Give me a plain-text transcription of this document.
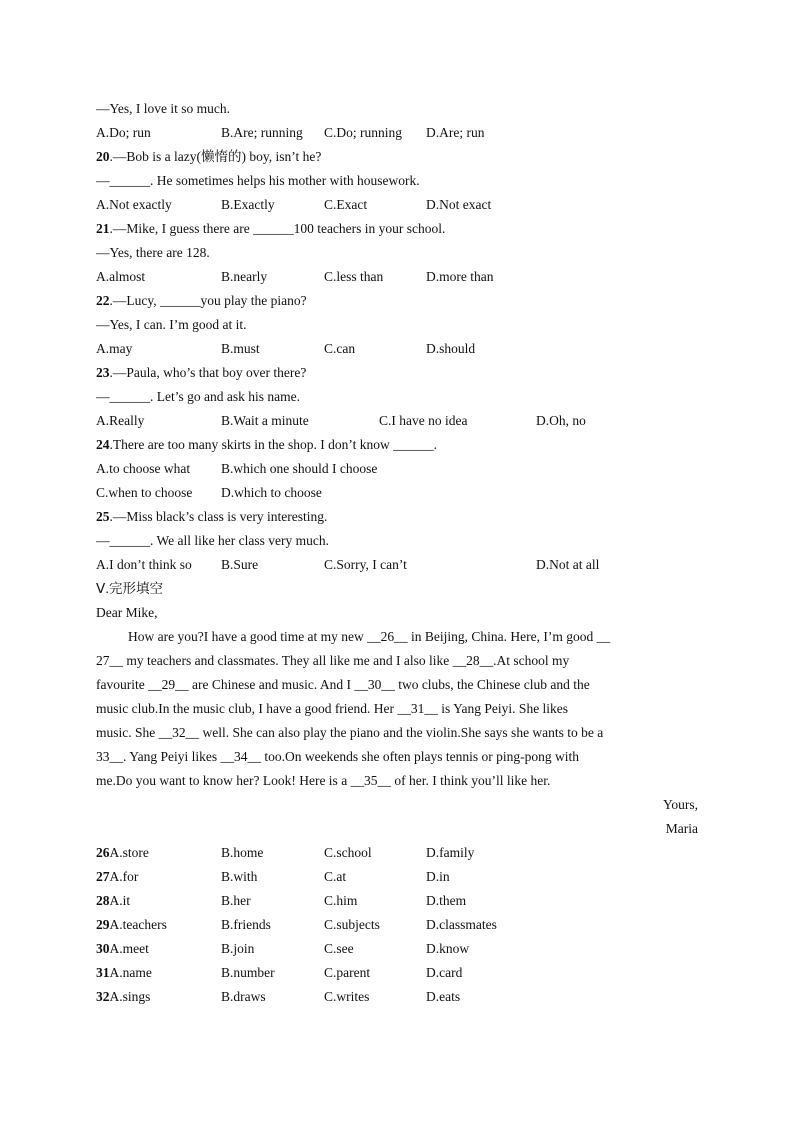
—Yes, I love it so much.
A.Do; run	B.Are; running C.Do; running D.Are; run
20.—Bob is a lazy(懒惰的) boy, isn’t he?
—______. He sometimes helps his mother with housework.
A.Not exactly	B.Exactly	C.Exact	D.Not exact
21.—Mike, I guess there are ______100 teachers in your school.
—Yes, there are 128.
A.almost	B.nearly	C.less than	D.more than
22.—Lucy, ______you play the piano?
—Yes, I can. I’m good at it.
A.may	B.must	C.can	D.should
23.—Paula, who’s that boy over there?
—______. Let’s go and ask his name.
A.Really	B.Wait a minute	C.I have no idea	D.Oh, no
24.There are too many skirts in the shop. I don’t know ______.
A.to choose what B.which one should I choose
C.when to choose D.which to choose
25.—Miss black’s class is very interesting.
—______. We all like her class very much.
A.I don’t think so B.Sure	C.Sorry, I can’t	D.Not at all
Ⅴ.完形填空
Dear Mike,
How are you?I have a good time at my new __26__ in Beijing, China. Here, I’m good __
27__ my teachers and classmates. They all like me and I also like __28__.At school my
favourite __29__ are Chinese and music. And I __30__ two clubs, the Chinese club and the
music club.In the music club, I have a good friend. Her __31__ is Yang Peiyi. She likes
music. She __32__ well. She can also play the piano and the violin.She says she wants to be a
33__. Yang Peiyi likes __34__ too.On weekends she often plays tennis or ping-pong with
me.Do you want to know her? Look! Here is a __35__ of her. I think you’ll like her.
Yours,
Maria
26A.store	B.home	C.school	D.family
27A.for	B.with	C.at	D.in
28A.it	B.her	C.him	D.them
29A.teachers	B.friends	C.subjects	D.classmates
30A.meet	B.join	C.see	D.know
31A.name	B.number	C.parent	D.card
32A.sings	B.draws	C.writes	D.eats
